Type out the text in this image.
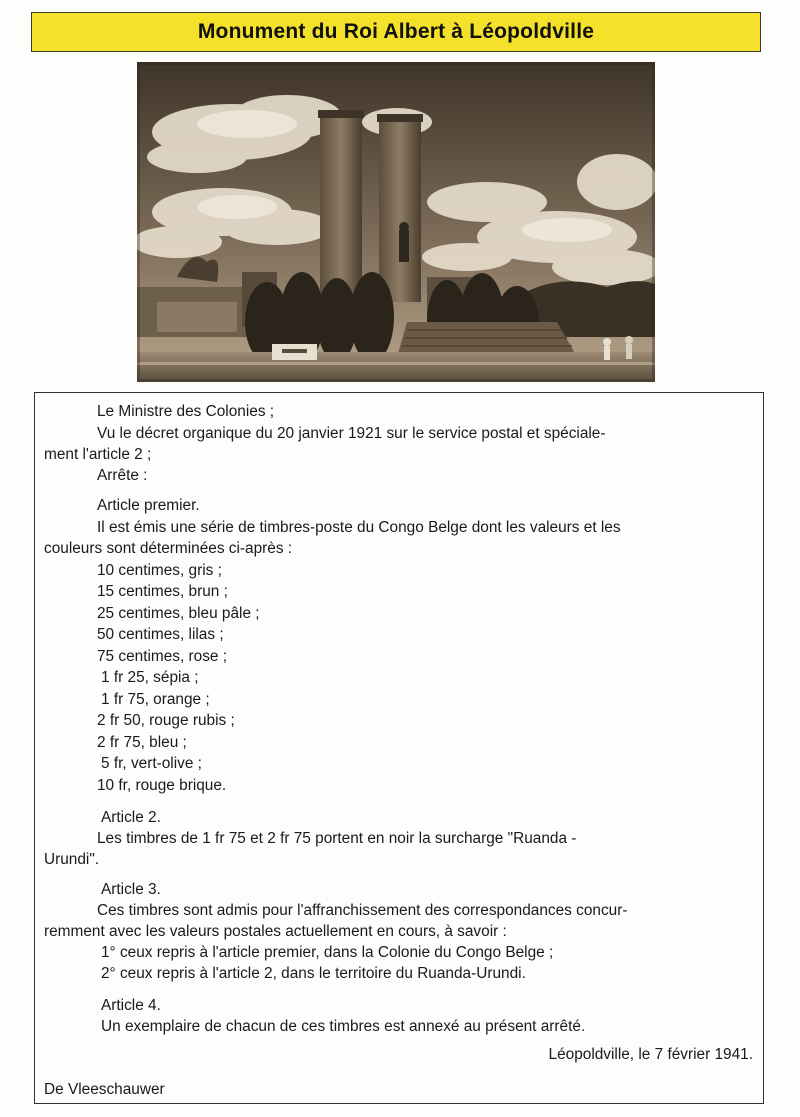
Monument du Roi Albert à Léopoldville
Le Ministre des Colonies ;
Vu le décret organique du 20 janvier 1921 sur le service postal et spéciale-
ment l'article 2 ;
Arrête :
Article premier.
Il est émis une série de timbres-poste du Congo Belge dont les valeurs et les
couleurs sont déterminées ci-après :
10 centimes, gris ;
15 centimes, brun ;
25 centimes, bleu pâle ;
50 centimes, lilas ;
75 centimes, rose ;
1 fr 25, sépia ;
1 fr 75, orange ;
2 fr 50, rouge rubis ;
2 fr 75, bleu ;
5 fr, vert-olive ;
10 fr, rouge brique.
Article 2.
Les timbres de 1 fr 75 et 2 fr 75 portent en noir la surcharge "Ruanda -
Urundi".
Article 3.
Ces timbres sont admis pour l'affranchissement des correspondances concur-
remment avec les valeurs postales actuellement en cours, à savoir :
1° ceux repris à l'article premier, dans la Colonie du Congo Belge ;
2° ceux repris à l'article 2, dans le territoire du Ruanda-Urundi.
Article 4.
Un exemplaire de chacun de ces timbres est annexé au présent arrêté.
Léopoldville, le 7 février 1941.
De Vleeschauwer
